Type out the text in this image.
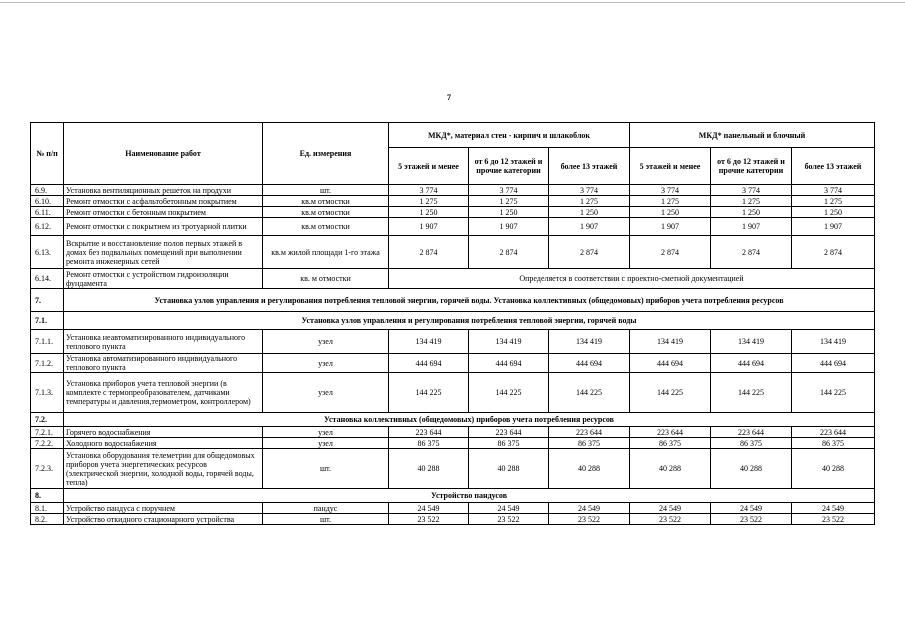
7
№ п/п	Наименование работ	Ед. измерения	МКД*, материал стен - кирпич и шлакоблок			МКД* панельный и блочный		
			5 этажей и менее	от 6 до 12 этажей и прочие категории	более 13 этажей	5 этажей и менее	от 6 до 12 этажей и прочие категории	более 13 этажей
6.9.	Установка вентиляционных решеток на продухи	шт.	3 774	3 774	3 774	3 774	3 774	3 774
6.10.	Ремонт отмостки с асфальтобетонным покрытием	кв.м отмостки	1 275	1 275	1 275	1 275	1 275	1 275
6.11.	Ремонт отмостки с бетонным покрытием	кв.м отмостки	1 250	1 250	1 250	1 250	1 250	1 250
6.12.	Ремонт отмостки с покрытием из тротуарной плитки	кв.м отмостки	1 907	1 907	1 907	1 907	1 907	1 907
6.13.	Вскрытие и восстановление полов первых этажей в домах без подвальных помещений при выполнении ремонта инженерных сетей	кв.м жилой площади 1-го этажа	2 874	2 874	2 874	2 874	2 874	2 874
6.14.	Ремонт отмостки с устройством гидроизоляции фундамента	кв. м отмостки	Определяется в соответствии с проектно-сметной документацией					
7.	Установка узлов управления и регулирования потребления тепловой энергии, горячей воды. Установка коллективных (общедомовых) приборов учета потребления ресурсов							
7.1.	Установка узлов управления и регулирования потребления тепловой энергии, горячей воды							
7.1.1.	Установка неавтоматизированного индивидуального теплового пункта	узел	134 419	134 419	134 419	134 419	134 419	134 419
7.1.2.	Установка автоматизированного индивидуального теплового пункта	узел	444 694	444 694	444 694	444 694	444 694	444 694
7.1.3.	Установка приборов учета тепловой энергии (в комплекте с термопреобразователем, датчиками температуры и давления,термометром, контроллером)	узел	144 225	144 225	144 225	144 225	144 225	144 225
7.2.	Установка коллективных (общедомовых) приборов учета потребления ресурсов							
7.2.1.	Горячего водоснабжения	узел	223 644	223 644	223 644	223 644	223 644	223 644
7.2.2.	Холодного водоснабжения	узел	86 375	86 375	86 375	86 375	86 375	86 375
7.2.3.	Установка оборудования телеметрии для общедомовых приборов учета энергетических ресурсов (электрической энергии, холодной воды, горячей воды, тепла)	шт.	40 288	40 288	40 288	40 288	40 288	40 288
8.	Устройство пандусов							
8.1.	Устройство пандуса с поручнем	пандус	24 549	24 549	24 549	24 549	24 549	24 549
8.2.	Устройство откидного стационарного устройства	шт.	23 522	23 522	23 522	23 522	23 522	23 522
